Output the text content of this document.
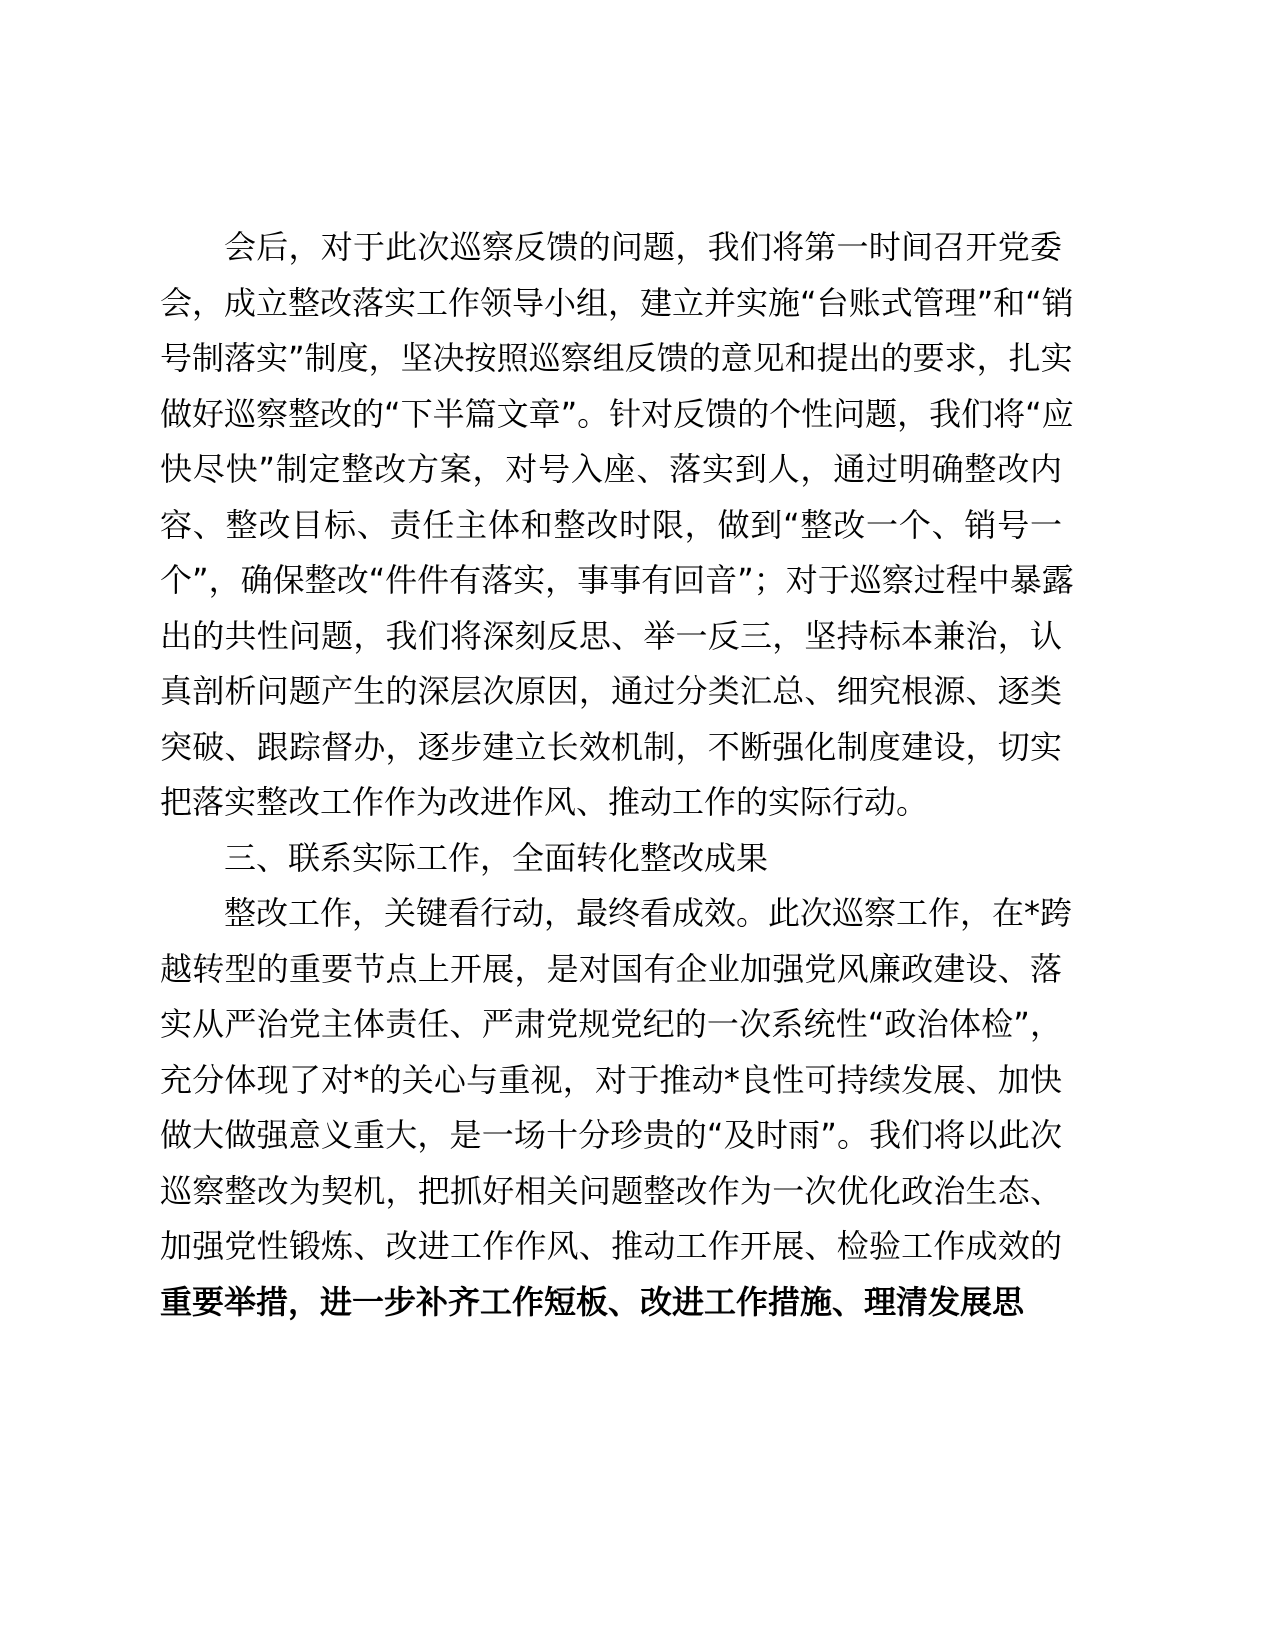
会后，对于此次巡察反馈的问题，我们将第一时间召开党委
会，成立整改落实工作领导小组，建立并实施“台账式管理”和“销
号制落实”制度，坚决按照巡察组反馈的意见和提出的要求，扎实
做好巡察整改的“下半篇文章”。针对反馈的个性问题，我们将“应
快尽快”制定整改方案，对号入座、落实到人，通过明确整改内
容、整改目标、责任主体和整改时限，做到“整改一个、销号一
个”，确保整改“件件有落实，事事有回音”；对于巡察过程中暴露
出的共性问题，我们将深刻反思、举一反三，坚持标本兼治，认
真剖析问题产生的深层次原因，通过分类汇总、细究根源、逐类
突破、跟踪督办，逐步建立长效机制，不断强化制度建设，切实
把落实整改工作作为改进作风、推动工作的实际行动。
三、联系实际工作，全面转化整改成果
整改工作，关键看行动，最终看成效。此次巡察工作，在*跨
越转型的重要节点上开展，是对国有企业加强党风廉政建设、落
实从严治党主体责任、严肃党规党纪的一次系统性“政治体检”，
充分体现了对*的关心与重视，对于推动*良性可持续发展、加快
做大做强意义重大，是一场十分珍贵的“及时雨”。我们将以此次
巡察整改为契机，把抓好相关问题整改作为一次优化政治生态、
加强党性锻炼、改进工作作风、推动工作开展、检验工作成效的
重要举措，进一步补齐工作短板、改进工作措施、理清发展思
